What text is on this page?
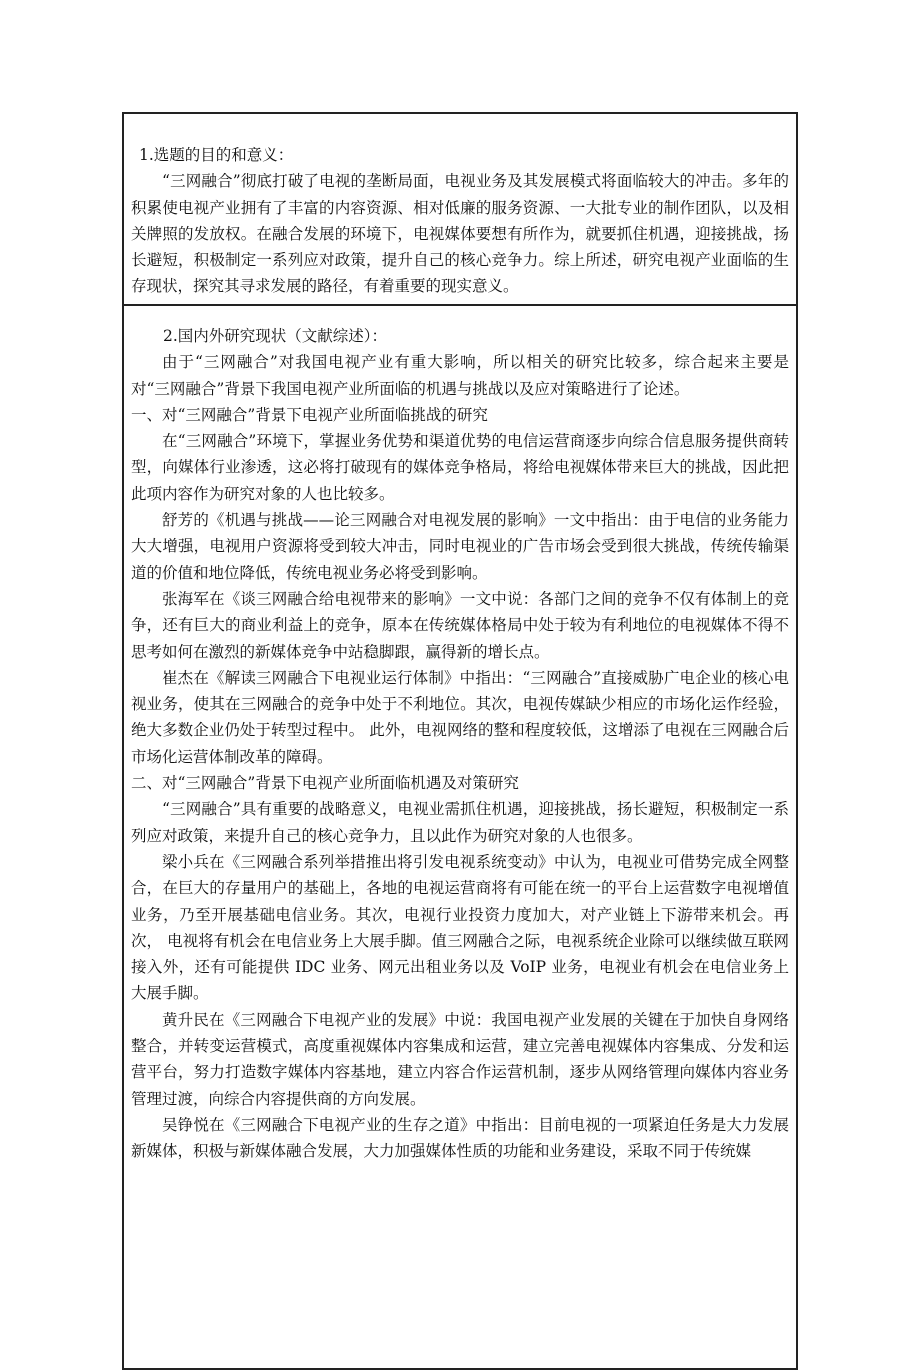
1.选题的目的和意义：

“三网融合”彻底打破了电视的垄断局面，电视业务及其发展模式将面临较大的冲击。多年的积累使电视产业拥有了丰富的内容资源、相对低廉的服务资源、一大批专业的制作团队，以及相关牌照的发放权。在融合发展的环境下，电视媒体要想有所作为，就要抓住机遇，迎接挑战，扬长避短，积极制定一系列应对政策，提升自己的核心竞争力。综上所述，研究电视产业面临的生存现状，探究其寻求发展的路径，有着重要的现实意义。

2.国内外研究现状（文献综述）：

由于“三网融合”对我国电视产业有重大影响，所以相关的研究比较多，综合起来主要是对“三网融合”背景下我国电视产业所面临的机遇与挑战以及应对策略进行了论述。

一、对“三网融合”背景下电视产业所面临挑战的研究

在“三网融合”环境下，掌握业务优势和渠道优势的电信运营商逐步向综合信息服务提供商转型，向媒体行业渗透，这必将打破现有的媒体竞争格局，将给电视媒体带来巨大的挑战，因此把此项内容作为研究对象的人也比较多。

舒芳的《机遇与挑战——论三网融合对电视发展的影响》一文中指出：由于电信的业务能力大大增强，电视用户资源将受到较大冲击，同时电视业的广告市场会受到很大挑战，传统传输渠道的价值和地位降低，传统电视业务必将受到影响。

张海军在《谈三网融合给电视带来的影响》一文中说：各部门之间的竞争不仅有体制上的竞争，还有巨大的商业利益上的竞争，原本在传统媒体格局中处于较为有利地位的电视媒体不得不思考如何在激烈的新媒体竞争中站稳脚跟，赢得新的增长点。

崔杰在《解读三网融合下电视业运行体制》中指出：“三网融合”直接威胁广电企业的核心电视业务，使其在三网融合的竞争中处于不利地位。其次，电视传媒缺少相应的市场化运作经验， 绝大多数企业仍处于转型过程中。 此外，电视网络的整和程度较低，这增添了电视在三网融合后市场化运营体制改革的障碍。

二、对“三网融合”背景下电视产业所面临机遇及对策研究

“三网融合”具有重要的战略意义，电视业需抓住机遇，迎接挑战，扬长避短，积极制定一系列应对政策，来提升自己的核心竞争力，且以此作为研究对象的人也很多。

梁小兵在《三网融合系列举措推出将引发电视系统变动》中认为，电视业可借势完成全网整合，在巨大的存量用户的基础上，各地的电视运营商将有可能在统一的平台上运营数字电视增值业务，乃至开展基础电信业务。其次，电视行业投资力度加大，对产业链上下游带来机会。再次， 电视将有机会在电信业务上大展手脚。值三网融合之际，电视系统企业除可以继续做互联网接入外，还有可能提供 IDC 业务、网元出租业务以及 VoIP 业务，电视业有机会在电信业务上大展手脚。

黄升民在《三网融合下电视产业的发展》中说：我国电视产业发展的关键在于加快自身网络整合，并转变运营模式，高度重视媒体内容集成和运营，建立完善电视媒体内容集成、分发和运营平台，努力打造数字媒体内容基地，建立内容合作运营机制，逐步从网络管理向媒体内容业务管理过渡，向综合内容提供商的方向发展。

吴铮悦在《三网融合下电视产业的生存之道》中指出：目前电视的一项紧迫任务是大力发展新媒体，积极与新媒体融合发展，大力加强媒体性质的功能和业务建设，采取不同于传统媒
